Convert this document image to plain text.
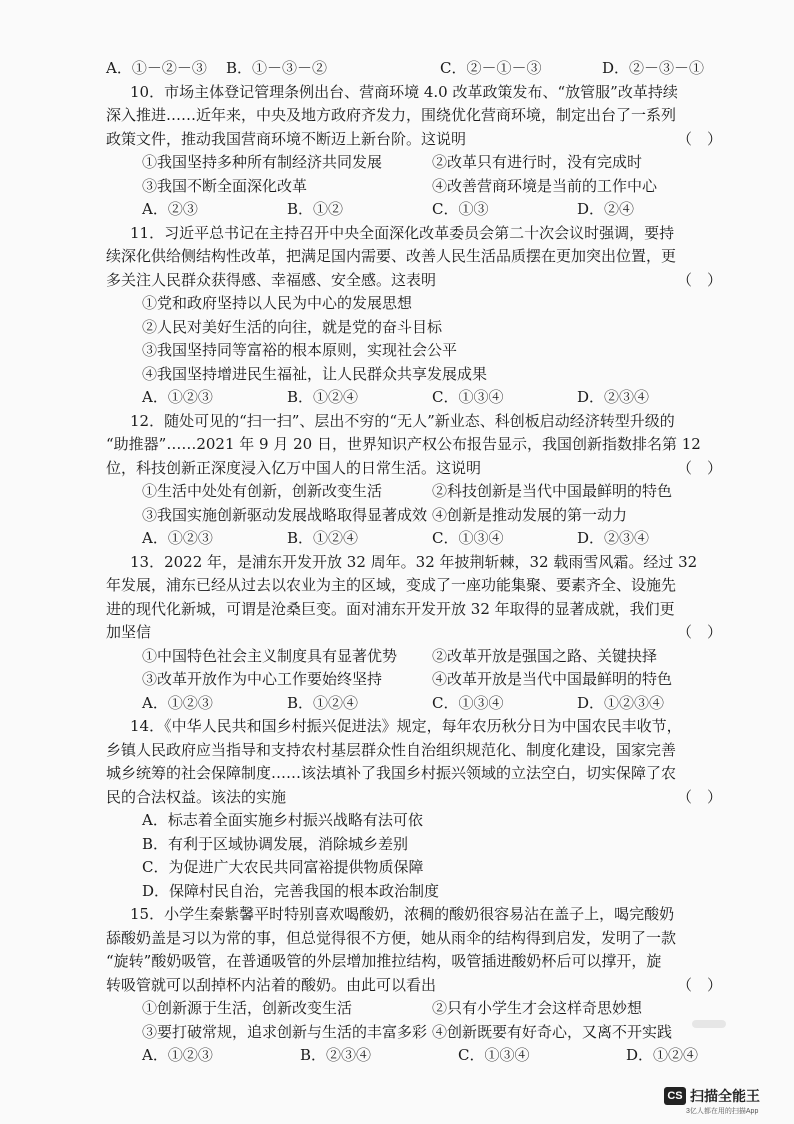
A．①－②－③	B．①－③－②	C．②－①－③	D．②－③－①
10．市场主体登记管理条例出台、营商环境 4.0 改革政策发布、“放管服”改革持续
深入推进……近年来，中央及地方政府齐发力，围绕优化营商环境，制定出台了一系列
政策文件，推动我国营商环境不断迈上新台阶。这说明	（　）
①我国坚持多种所有制经济共同发展	②改革只有进行时，没有完成时
③我国不断全面深化改革	④改善营商环境是当前的工作中心
A．②③	B．①②	C．①③	D．②④
11．习近平总书记在主持召开中央全面深化改革委员会第二十次会议时强调，要持
续深化供给侧结构性改革，把满足国内需要、改善人民生活品质摆在更加突出位置，更
多关注人民群众获得感、幸福感、安全感。这表明	（　）
①党和政府坚持以人民为中心的发展思想
②人民对美好生活的向往，就是党的奋斗目标
③我国坚持同等富裕的根本原则，实现社会公平
④我国坚持增进民生福祉，让人民群众共享发展成果
A．①②③	B．①②④	C．①③④	D．②③④
12．随处可见的“扫一扫”、层出不穷的“无人”新业态、科创板启动经济转型升级的
“助推器”……2021 年 9 月 20 日，世界知识产权公布报告显示，我国创新指数排名第 12
位，科技创新正深度浸入亿万中国人的日常生活。这说明	（　）
①生活中处处有创新，创新改变生活	②科技创新是当代中国最鲜明的特色
③我国实施创新驱动发展战略取得显著成效 ④创新是推动发展的第一动力
A．①②③	B．①②④	C．①③④	D．②③④
13．2022 年，是浦东开发开放 32 周年。32 年披荆斩棘，32 载雨雪风霜。经过 32
年发展，浦东已经从过去以农业为主的区域，变成了一座功能集聚、要素齐全、设施先
进的现代化新城，可谓是沧桑巨变。面对浦东开发开放 32 年取得的显著成就，我们更
加坚信	（　）
①中国特色社会主义制度具有显著优势	②改革开放是强国之路、关键抉择
③改革开放作为中心工作要始终坚持	④改革开放是当代中国最鲜明的特色
A．①②③	B．①②④	C．①③④	D．①②③④
14．《中华人民共和国乡村振兴促进法》规定，每年农历秋分日为中国农民丰收节，
乡镇人民政府应当指导和支持农村基层群众性自治组织规范化、制度化建设，国家完善
城乡统筹的社会保障制度……该法填补了我国乡村振兴领域的立法空白，切实保障了农
民的合法权益。该法的实施	（　）
A．标志着全面实施乡村振兴战略有法可依
B．有利于区域协调发展，消除城乡差别
C．为促进广大农民共同富裕提供物质保障
D．保障村民自治，完善我国的根本政治制度
15．小学生秦紫馨平时特别喜欢喝酸奶，浓稠的酸奶很容易沾在盖子上，喝完酸奶
舔酸奶盖是习以为常的事，但总觉得很不方便，她从雨伞的结构得到启发，发明了一款
“旋转”酸奶吸管，在普通吸管的外层增加推拉结构，吸管插进酸奶杯后可以撑开，旋
转吸管就可以刮掉杯内沾着的酸奶。由此可以看出	（　）
①创新源于生活，创新改变生活	②只有小学生才会这样奇思妙想
③要打破常规，追求创新与生活的丰富多彩 ④创新既要有好奇心，又离不开实践
A．①②③	B．②③④	C．①③④	D．①②④
CS 扫描全能王
3亿人都在用的扫描App
